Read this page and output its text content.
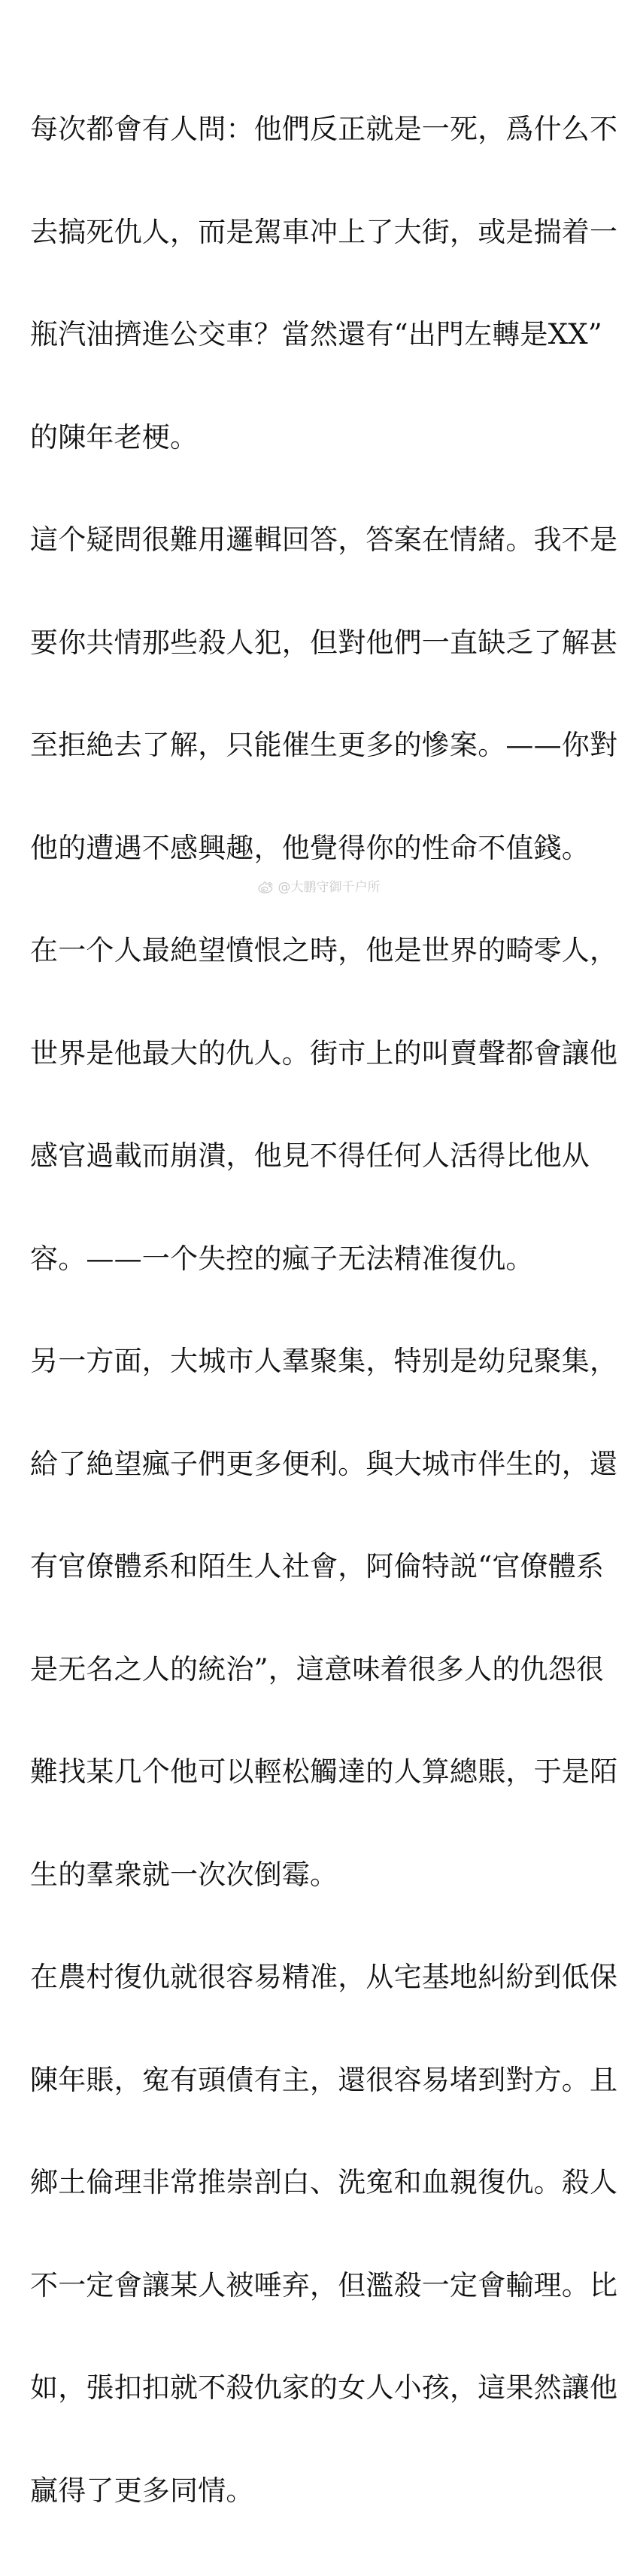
每次都會有人問：他們反正就是一死，爲什么不

去搞死仇人，而是駕車冲上了大街，或是揣着一

瓶汽油擠進公交車？當然還有“出門左轉是XX”

的陳年老梗。

這个疑問很難用邏輯回答，答案在情緒。我不是

要你共情那些殺人犯，但對他們一直缺乏了解甚

至拒絶去了解，只能催生更多的慘案。——你對

他的遭遇不感興趣，他覺得你的性命不值錢。

在一个人最絶望憤恨之時，他是世界的畸零人，

世界是他最大的仇人。街市上的叫賣聲都會讓他

感官過載而崩潰，他見不得任何人活得比他从

容。——一个失控的瘋子无法精准復仇。

另一方面，大城市人羣聚集，特别是幼兒聚集，

給了絶望瘋子們更多便利。與大城市伴生的，還

有官僚體系和陌生人社會，阿倫特説“官僚體系

是无名之人的統治”，這意味着很多人的仇怨很

難找某几个他可以輕松觸達的人算總賬，于是陌

生的羣衆就一次次倒霉。

在農村復仇就很容易精准，从宅基地糾紛到低保

陳年賬，寃有頭債有主，還很容易堵到對方。且

鄉土倫理非常推崇剖白、洗寃和血親復仇。殺人

不一定會讓某人被唾弃，但濫殺一定會輸理。比

如，張扣扣就不殺仇家的女人小孩，這果然讓他

贏得了更多同情。

@大鹏守御千户所
